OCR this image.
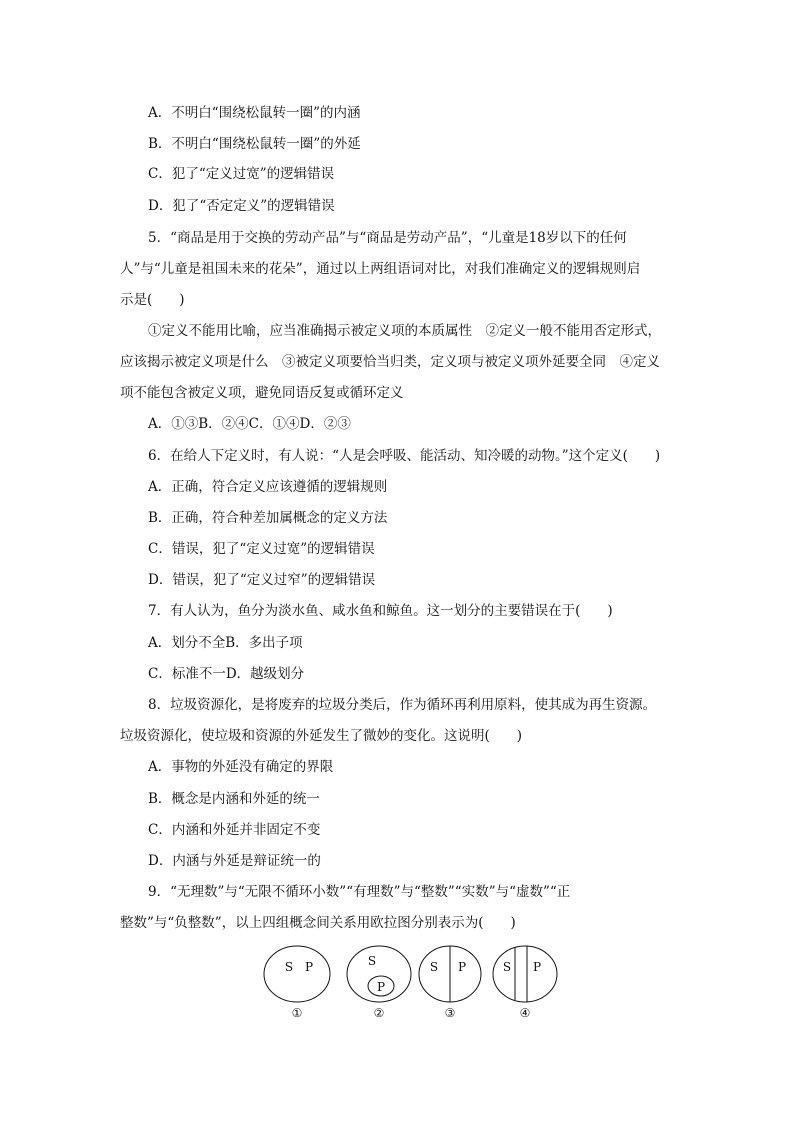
A．不明白“围绕松鼠转一圈”的内涵
B．不明白“围绕松鼠转一圈”的外延
C．犯了“定义过宽”的逻辑错误
D．犯了“否定定义”的逻辑错误
5．“商品是用于交换的劳动产品”与“商品是劳动产品”，“儿童是18岁以下的任何
人”与“儿童是祖国未来的花朵”，通过以上两组语词对比，对我们准确定义的逻辑规则启
示是(　　)
①定义不能用比喻，应当准确揭示被定义项的本质属性　②定义一般不能用否定形式，
应该揭示被定义项是什么　③被定义项要恰当归类，定义项与被定义项外延要全同　④定义
项不能包含被定义项，避免同语反复或循环定义
A．①③B．②④C．①④D．②③
6．在给人下定义时，有人说：“人是会呼吸、能活动、知冷暖的动物。”这个定义(　　)
A．正确，符合定义应该遵循的逻辑规则
B．正确，符合种差加属概念的定义方法
C．错误，犯了“定义过宽”的逻辑错误
D．错误，犯了“定义过窄”的逻辑错误
7．有人认为，鱼分为淡水鱼、咸水鱼和鲸鱼。这一划分的主要错误在于(　　)
A．划分不全B．多出子项
C．标准不一D．越级划分
8．垃圾资源化，是将废弃的垃圾分类后，作为循环再利用原料，使其成为再生资源。
垃圾资源化，使垃圾和资源的外延发生了微妙的变化。这说明(　　)
A．事物的外延没有确定的界限
B．概念是内涵和外延的统一
C．内涵和外延并非固定不变
D．内涵与外延是辩证统一的
9．“无理数”与“无限不循环小数”“有理数”与“整数”“实数”与“虚数”“正
整数”与“负整数”，以上四组概念间关系用欧拉图分别表示为(　　)
S P
①
S
P
②
S P
③
S P
④
